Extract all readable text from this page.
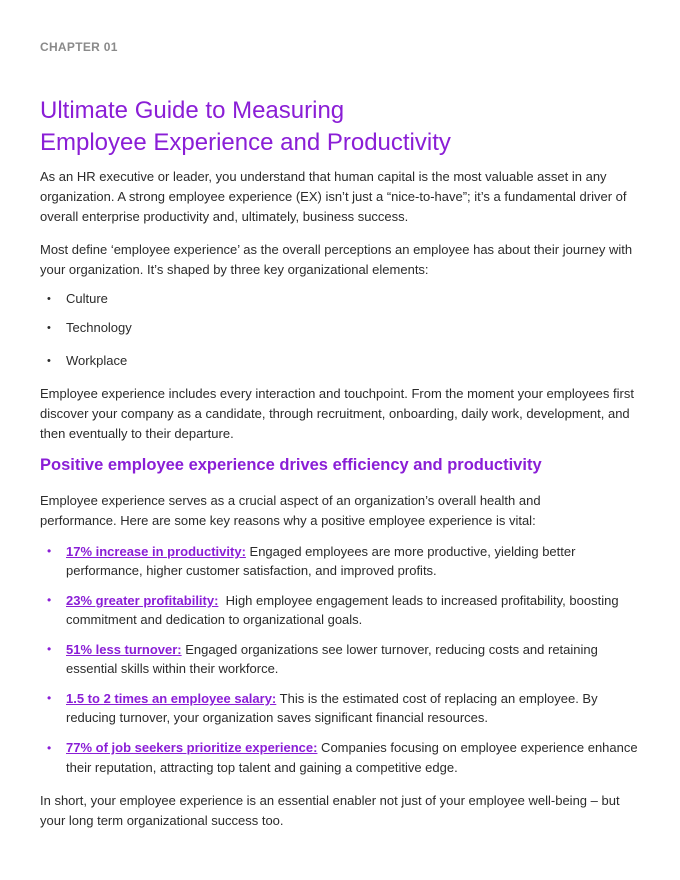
CHAPTER 01
Ultimate Guide to Measuring
Employee Experience and Productivity

As an HR executive or leader, you understand that human capital is the most valuable asset in any organization. A strong employee experience (EX) isn’t just a “nice-to-have”; it’s a fundamental driver of overall enterprise productivity and, ultimately, business success.

Most define ‘employee experience’ as the overall perceptions an employee has about their journey with your organization. It’s shaped by three key organizational elements:

• Culture
• Technology
• Workplace

Employee experience includes every interaction and touchpoint. From the moment your employees first discover your company as a candidate, through recruitment, onboarding, daily work, development, and then eventually to their departure.

Positive employee experience drives efficiency and productivity

Employee experience serves as a crucial aspect of an organization’s overall health and performance. Here are some key reasons why a positive employee experience is vital:

• 17% increase in productivity: Engaged employees are more productive, yielding better performance, higher customer satisfaction, and improved profits.
• 23% greater profitability:  High employee engagement leads to increased profitability, boosting commitment and dedication to organizational goals.
• 51% less turnover: Engaged organizations see lower turnover, reducing costs and retaining essential skills within their workforce.
• 1.5 to 2 times an employee salary: This is the estimated cost of replacing an employee. By reducing turnover, your organization saves significant financial resources.
• 77% of job seekers prioritize experience: Companies focusing on employee experience enhance their reputation, attracting top talent and gaining a competitive edge.

In short, your employee experience is an essential enabler not just of your employee well-being – but your long term organizational success too.
